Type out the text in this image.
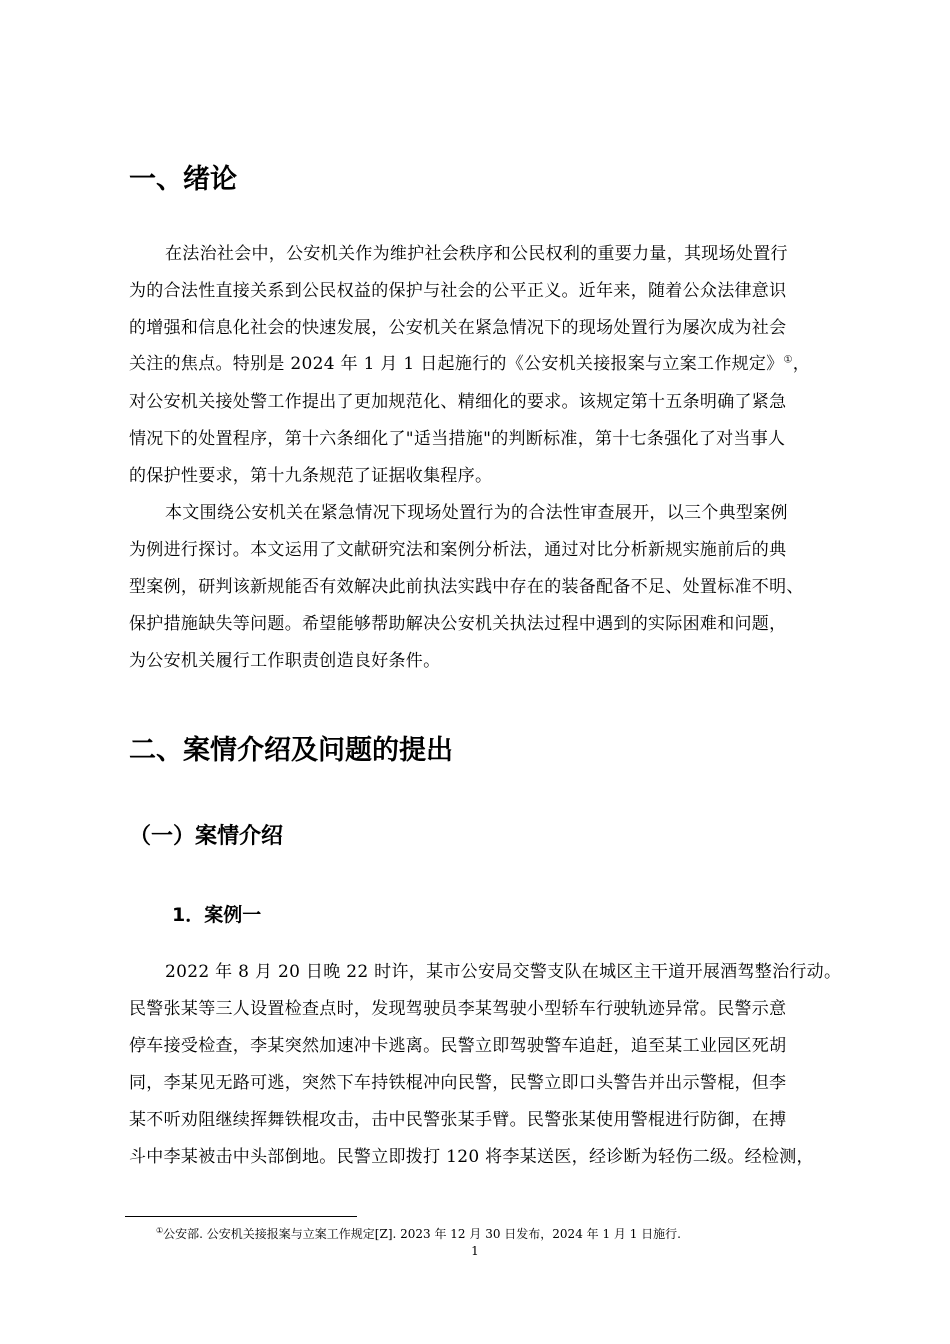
一、绪论
在法治社会中，公安机关作为维护社会秩序和公民权利的重要力量，其现场处置行
为的合法性直接关系到公民权益的保护与社会的公平正义。近年来，随着公众法律意识
的增强和信息化社会的快速发展，公安机关在紧急情况下的现场处置行为屡次成为社会
关注的焦点。特别是 2024 年 1 月 1 日起施行的《公安机关接报案与立案工作规定》①，
对公安机关接处警工作提出了更加规范化、精细化的要求。该规定第十五条明确了紧急
情况下的处置程序，第十六条细化了"适当措施"的判断标准，第十七条强化了对当事人
的保护性要求，第十九条规范了证据收集程序。
本文围绕公安机关在紧急情况下现场处置行为的合法性审查展开，以三个典型案例
为例进行探讨。本文运用了文献研究法和案例分析法，通过对比分析新规实施前后的典
型案例，研判该新规能否有效解决此前执法实践中存在的装备配备不足、处置标准不明、
保护措施缺失等问题。希望能够帮助解决公安机关执法过程中遇到的实际困难和问题，
为公安机关履行工作职责创造良好条件。
二、案情介绍及问题的提出
（一）案情介绍
1．案例一
2022 年 8 月 20 日晚 22 时许，某市公安局交警支队在城区主干道开展酒驾整治行动。
民警张某等三人设置检查点时，发现驾驶员李某驾驶小型轿车行驶轨迹异常。民警示意
停车接受检查，李某突然加速冲卡逃离。民警立即驾驶警车追赶，追至某工业园区死胡
同，李某见无路可逃，突然下车持铁棍冲向民警，民警立即口头警告并出示警棍，但李
某不听劝阻继续挥舞铁棍攻击，击中民警张某手臂。民警张某使用警棍进行防御，在搏
斗中李某被击中头部倒地。民警立即拨打 120 将李某送医，经诊断为轻伤二级。经检测，
①公安部. 公安机关接报案与立案工作规定[Z]. 2023 年 12 月 30 日发布，2024 年 1 月 1 日施行.
1
